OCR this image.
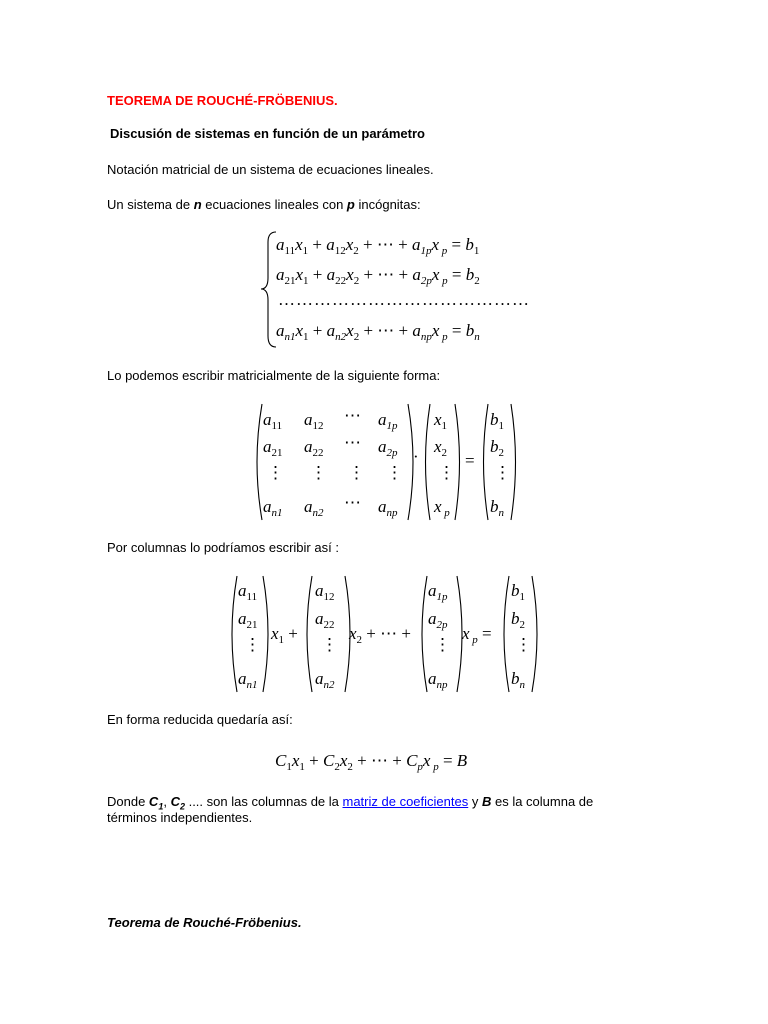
TEOREMA DE ROUCHÉ-FRÖBENIUS.
Discusión de sistemas en función de un parámetro
Notación matricial de un sistema de ecuaciones lineales.
Un sistema de n ecuaciones lineales con p incógnitas:
$a_{11}x_1 + a_{12}x_2$ + ⋯ + $a_{1p}x$ $_p = b_1$
$a_{21}x_1 + a_{22}x_2$ + ⋯ + $a_{2p}x$ $_p = b_2$
……………………………………
$a_{n1}x_1 + a_{n2}x_2$ + ⋯ + $a_{np}x$ $_p = b_n$
Lo podemos escribir matricialmente de la siguiente forma:
$a_{11}$ $a_{12}$
⋯ $a_{1p}$
$a_{21}$ $a_{22}$
⋯ $a_{2p}$
⋮ ⋮ ⋮ ⋮
$a_{n1}$ $a_{n2}$
⋯ $a_{np}$
·
$x_1$
$x_2$
⋮
x $_p$
=
$b_1$
$b_2$
⋮
$b_n$
Por columnas lo podríamos escribir así :
$a_{11}$
$a_{21}$
⋮
$a_{n1}$
$x_1$ +
$a_{12}$
$a_{22}$
⋮
$a_{n2}$
$x_2$ + ⋯ +
$a_{1p}$
$a_{2p}$
⋮
$a_{np}$
x $_p$ =
$b_1$
$b_2$
⋮
$b_n$
En forma reducida quedaría así:
$C_1x_1 + C_2x_2$ + ⋯ + $C_px$ $_p$ = B
Donde $C_1$, $C_2$ .... son las columnas de la matriz de coeficientes y B es la columna de
términos independientes.
Teorema de Rouché-Fröbenius.
